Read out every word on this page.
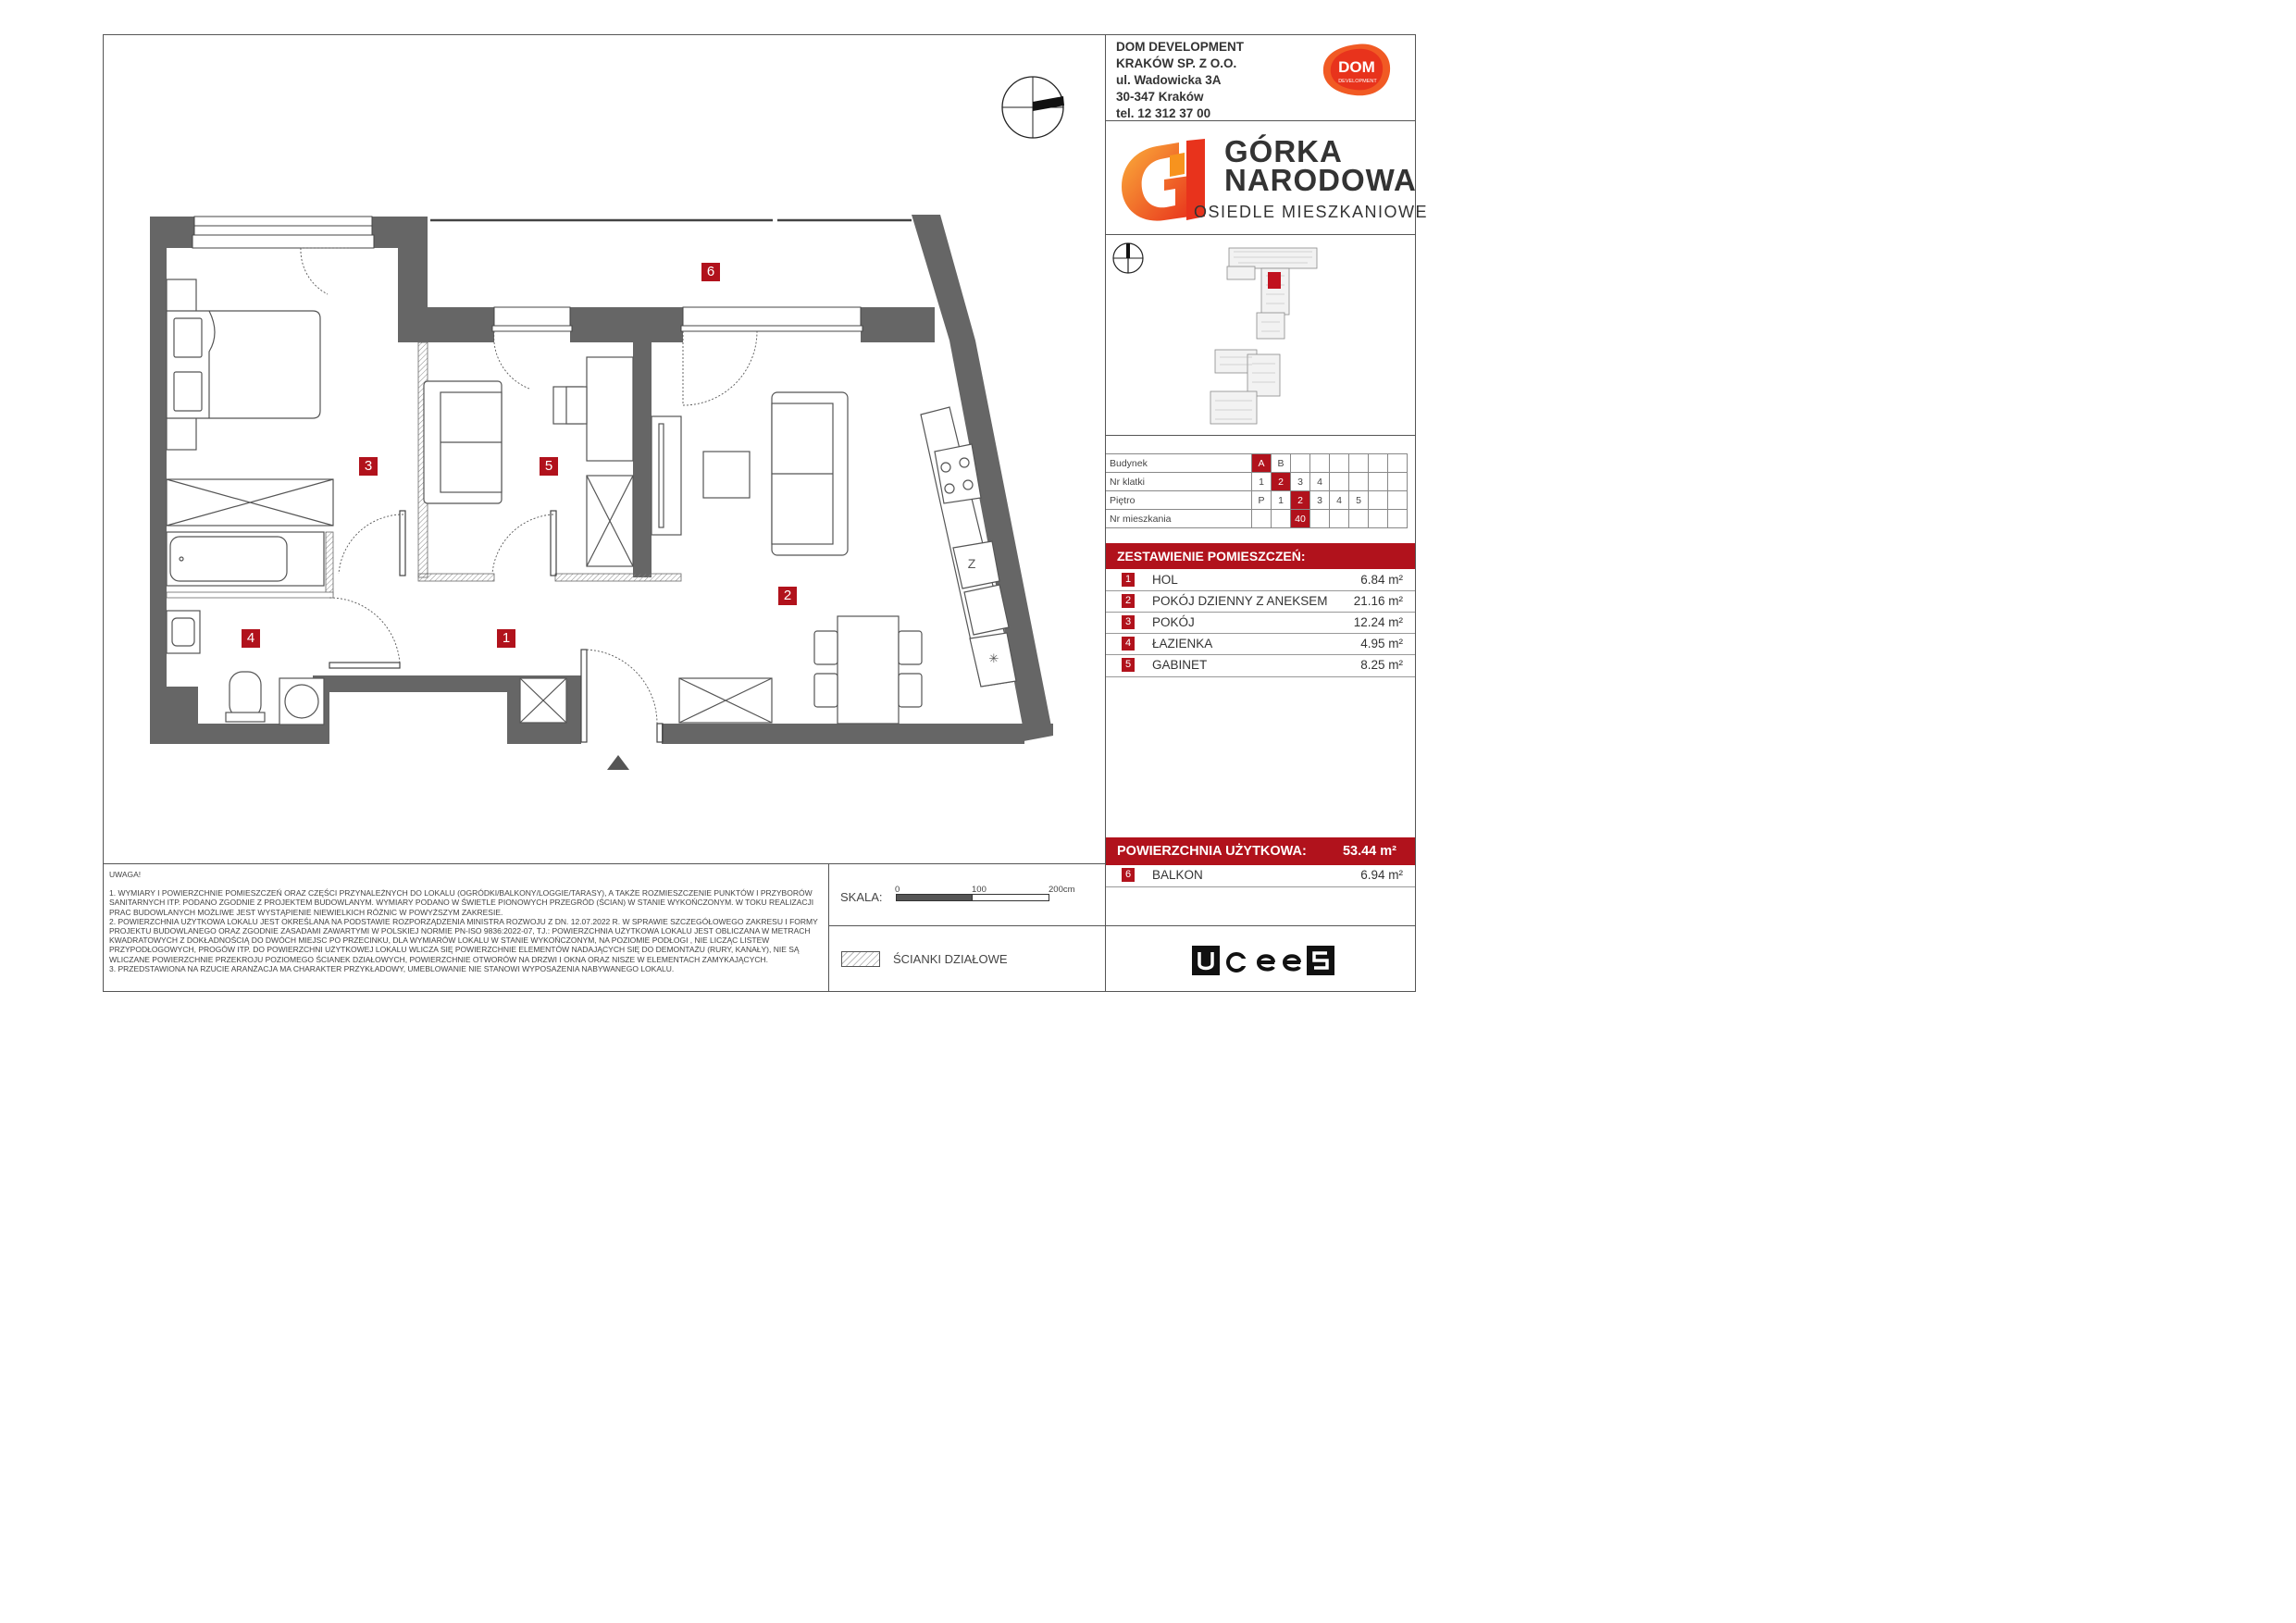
DOM DEVELOPMENT
KRAKÓW SP. Z O.O.
ul. Wadowicka 3A
30-347 Kraków
tel. 12 312 37 00
DOM
DEVELOPMENT
GÓRKA
NARODOWA
OSIEDLE MIESZKANIOWE
Budynek	A	B						
Nr klatki	1	2	3	4				
Piętro	P	1	2	3	4	5		
Nr mieszkania			40					
ZESTAWIENIE POMIESZCZEŃ:
1 HOL	6.84 m²
2 POKÓJ DZIENNY Z ANEKSEM 21.16 m²
3 POKÓJ	12.24 m²
4 ŁAZIENKA	4.95 m²
5 GABINET	8.25 m²
POWIERZCHNIA UŻYTKOWA:	53.44 m²
6 BALKON	6.94 m²

UWAGA!

1. WYMIARY I POWIERZCHNIE POMIESZCZEŃ ORAZ CZĘŚCI PRZYNALEŻNYCH DO LOKALU (OGRÓDKI/BALKONY/LOGGIE/TARASY), A TAKŻE ROZMIESZCZENIE PUNKTÓW I PRZYBORÓW SANITARNYCH ITP. PODANO ZGODNIE Z PROJEKTEM BUDOWLANYM. WYMIARY PODANO W ŚWIETLE PIONOWYCH PRZEGRÓD (ŚCIAN) W STANIE WYKOŃCZONYM. W TOKU REALIZACJI PRAC BUDOWLANYCH MOŻLIWE JEST WYSTĄPIENIE NIEWIELKICH RÓŻNIC W POWYŻSZYM ZAKRESIE.

2. POWIERZCHNIA UŻYTKOWA LOKALU JEST OKREŚLANA NA PODSTAWIE ROZPORZĄDZENIA MINISTRA ROZWOJU Z DN. 12.07.2022 R. W SPRAWIE SZCZEGÓŁOWEGO ZAKRESU I FORMY PROJEKTU BUDOWLANEGO ORAZ ZGODNIE ZASADAMI ZAWARTYMI W POLSKIEJ NORMIE PN-ISO 9836:2022-07, TJ.: POWIERZCHNIA UŻYTKOWA LOKALU JEST OBLICZANA W METRACH KWADRATOWYCH Z DOKŁADNOŚCIĄ DO DWÓCH MIEJSC PO PRZECINKU, DLA WYMIARÓW LOKALU W STANIE WYKOŃCZONYM, NA POZIOMIE PODŁOGI , NIE LICZĄC LISTEW PRZYPODŁOGOWYCH, PROGÓW ITP. DO POWIERZCHNI UŻYTKOWEJ LOKALU WLICZA SIĘ POWIERZCHNIE ELEMENTÓW NADAJĄCYCH SIĘ DO DEMONTAŻU (RURY, KANAŁY), NIE SĄ WLICZANE POWIERZCHNIE PRZEKROJU POZIOMEGO ŚCIANEK DZIAŁOWYCH, POWIERZCHNIE OTWORÓW NA DRZWI I OKNA ORAZ NISZE W ELEMENTACH ZAMYKAJĄCYCH.

3. PRZEDSTAWIONA NA RZUCIE ARANŻACJA MA CHARAKTER PRZYKŁADOWY, UMEBLOWANIE NIE STANOWI WYPOSAŻENIA NABYWANEGO LOKALU.

SKALA:
0	100	200cm
ŚCIANKI DZIAŁOWE
Z
✳
1
2
3
4
5
6
